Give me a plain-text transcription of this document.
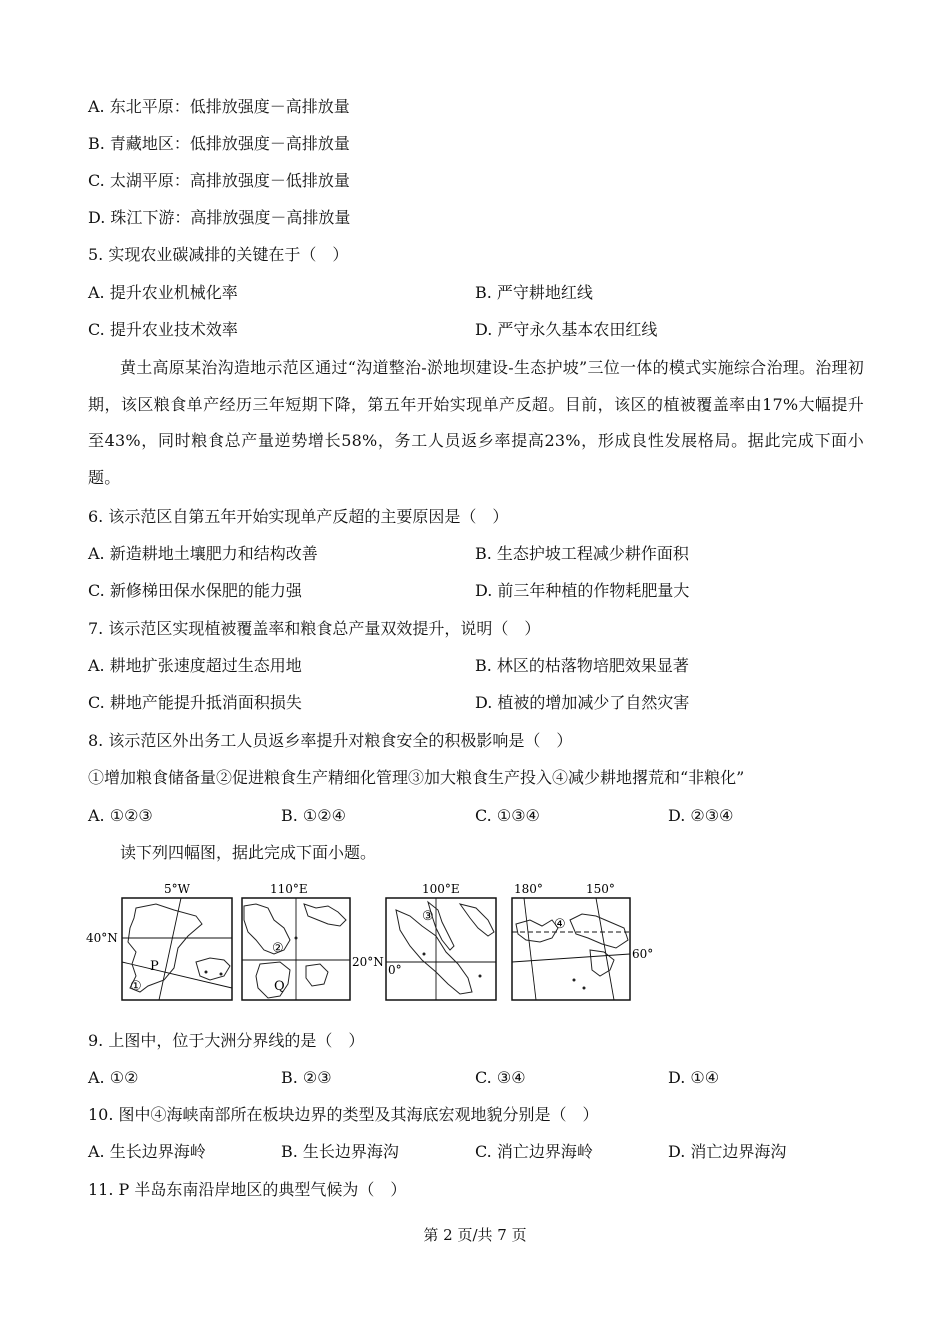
A. 东北平原：低排放强度－高排放量
B. 青藏地区：低排放强度－高排放量
C. 太湖平原：高排放强度－低排放量
D. 珠江下游：高排放强度－高排放量
5. 实现农业碳减排的关键在于（　）
A. 提升农业机械化率	B. 严守耕地红线
C. 提升农业技术效率	D. 严守永久基本农田红线
黄土高原某治沟造地示范区通过“沟道整治-淤地坝建设-生态护坡”三位一体的模式实施综合治理。治理初期，该区粮食单产经历三年短期下降，第五年开始实现单产反超。目前，该区的植被覆盖率由17%大幅提升至43%，同时粮食总产量逆势增长58%，务工人员返乡率提高23%，形成良性发展格局。据此完成下面小题。
6. 该示范区自第五年开始实现单产反超的主要原因是（　）
A. 新造耕地土壤肥力和结构改善	B. 生态护坡工程减少耕作面积
C. 新修梯田保水保肥的能力强	D. 前三年种植的作物耗肥量大
7. 该示范区实现植被覆盖率和粮食总产量双效提升，说明（　）
A. 耕地扩张速度超过生态用地	B. 林区的枯落物培肥效果显著
C. 耕地产能提升抵消面积损失	D. 植被的增加减少了自然灾害
8. 该示范区外出务工人员返乡率提升对粮食安全的积极影响是（　）
①增加粮食储备量②促进粮食生产精细化管理③加大粮食生产投入④减少耕地撂荒和“非粮化”
A. ①②③	B. ①②④	C. ①③④	D. ②③④
读下列四幅图，据此完成下面小题。
5°W
40°N
P
①
110°E
20°N
②
Q
100°E
0°
③
180°	150°
60°
④
9. 上图中，位于大洲分界线的是（　）
A. ①②	B. ②③	C. ③④	D. ①④
10. 图中④海峡南部所在板块边界的类型及其海底宏观地貌分别是（　）
A. 生长边界海岭	B. 生长边界海沟	C. 消亡边界海岭	D. 消亡边界海沟
11. P 半岛东南沿岸地区的典型气候为（　）
第 2 页/共 7 页
